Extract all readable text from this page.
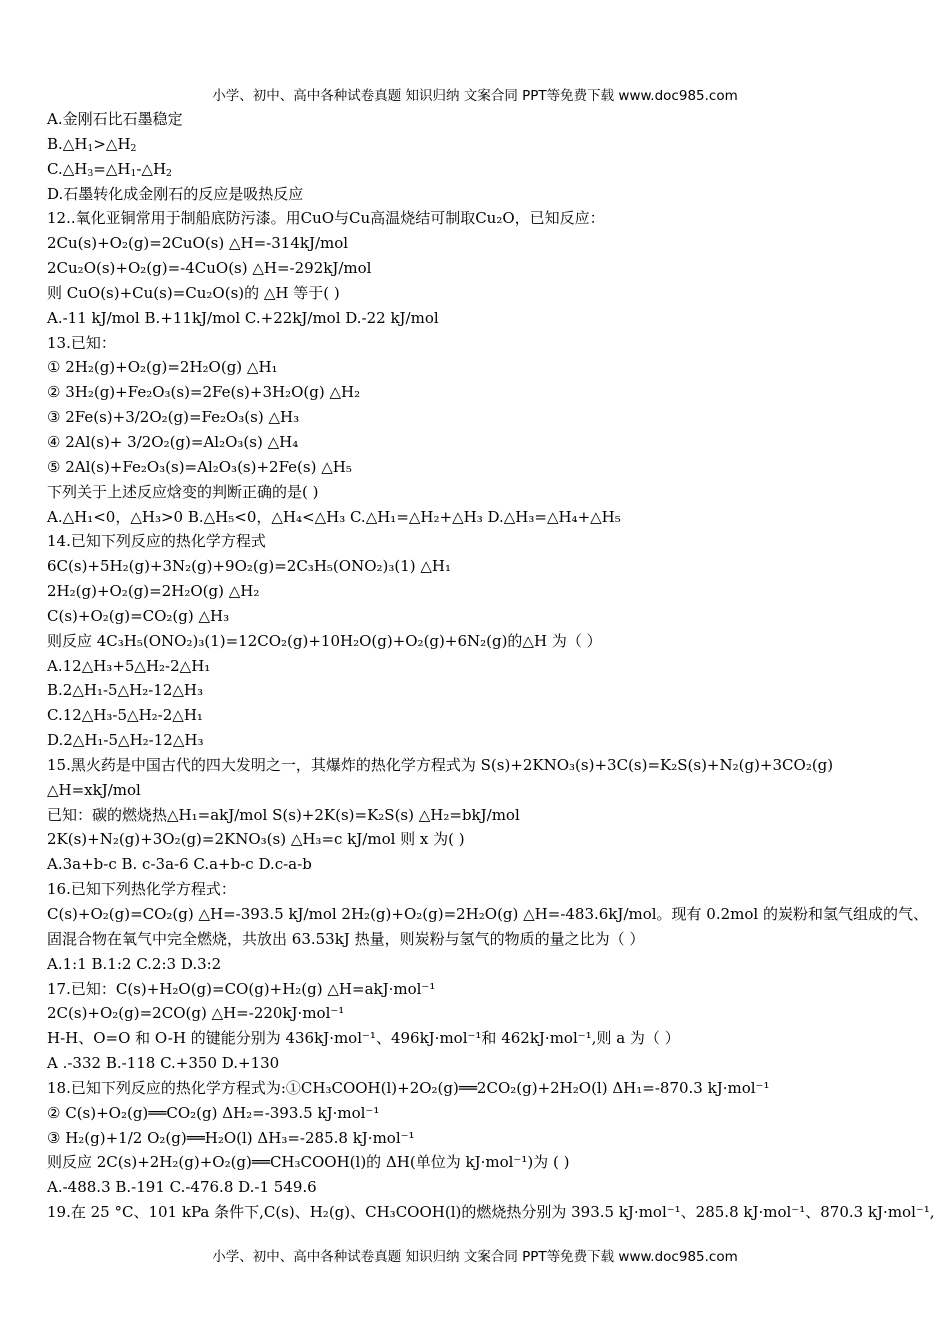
小学、初中、高中各种试卷真题 知识归纳 文案合同 PPT等免费下载 www.doc985.com
A.金刚石比石墨稳定
$B.\triangle H_1>\triangle H_2$
$C.\triangle H_3=\triangle H_1-\triangle H_2$
D.石墨转化成金刚石的反应是吸热反应
12..氧化亚铜常用于制船底防污漆。用CuO与Cu高温烧结可制取Cu₂O，已知反应：
2Cu(s)+O₂(g)=2CuO(s) △H=-314kJ/mol
2Cu₂O(s)+O₂(g)=-4CuO(s) △H=-292kJ/mol
则 CuO(s)+Cu(s)=Cu₂O(s)的 △H 等于( )
A.-11 kJ/mol B.+11kJ/mol C.+22kJ/mol D.-22 kJ/mol
13.已知：
① 2H₂(g)+O₂(g)=2H₂O(g) △H₁
② 3H₂(g)+Fe₂O₃(s)=2Fe(s)+3H₂O(g) △H₂
③ 2Fe(s)+3/2O₂(g)=Fe₂O₃(s) △H₃
④ 2Al(s)+ 3/2O₂(g)=Al₂O₃(s) △H₄
⑤ 2Al(s)+Fe₂O₃(s)=Al₂O₃(s)+2Fe(s) △H₅
下列关于上述反应焓变的判断正确的是( )
A.△H₁<0，△H₃>0 B.△H₅<0，△H₄<△H₃ C.△H₁=△H₂+△H₃ D.△H₃=△H₄+△H₅
14.已知下列反应的热化学方程式
6C(s)+5H₂(g)+3N₂(g)+9O₂(g)=2C₃H₅(ONO₂)₃(1) △H₁
2H₂(g)+O₂(g)=2H₂O(g) △H₂
C(s)+O₂(g)=CO₂(g) △H₃
则反应 4C₃H₅(ONO₂)₃(1)=12CO₂(g)+10H₂O(g)+O₂(g)+6N₂(g)的△H 为（ ）
A.12△H₃+5△H₂-2△H₁
B.2△H₁-5△H₂-12△H₃
C.12△H₃-5△H₂-2△H₁
D.2△H₁-5△H₂-12△H₃
15.黑火药是中国古代的四大发明之一，其爆炸的热化学方程式为 S(s)+2KNO₃(s)+3C(s)=K₂S(s)+N₂(g)+3CO₂(g)
△H=xkJ/mol
已知：碳的燃烧热△H₁=akJ/mol S(s)+2K(s)=K₂S(s) △H₂=bkJ/mol
2K(s)+N₂(g)+3O₂(g)=2KNO₃(s) △H₃=c kJ/mol 则 x 为( )
A.3a+b-c B. c-3a-6 C.a+b-c D.c-a-b
16.已知下列热化学方程式：
C(s)+O₂(g)=CO₂(g) △H=-393.5 kJ/mol 2H₂(g)+O₂(g)=2H₂O(g) △H=-483.6kJ/mol。现有 0.2mol 的炭粉和氢气组成的气、
固混合物在氧气中完全燃烧，共放出 63.53kJ 热量，则炭粉与氢气的物质的量之比为（ ）
A.1:1 B.1:2 C.2:3 D.3:2
17.已知：C(s)+H₂O(g)=CO(g)+H₂(g) △H=akJ·mol⁻¹
2C(s)+O₂(g)=2CO(g) △H=-220kJ·mol⁻¹
H-H、O=O 和 O-H 的键能分别为 436kJ·mol⁻¹、496kJ·mol⁻¹和 462kJ·mol⁻¹,则 a 为（ ）
A .-332 B.-118 C.+350 D.+130
18.已知下列反应的热化学方程式为:①CH₃COOH(l)+2O₂(g)══2CO₂(g)+2H₂O(l) ΔH₁=-870.3 kJ·mol⁻¹
② C(s)+O₂(g)══CO₂(g) ΔH₂=-393.5 kJ·mol⁻¹
③ H₂(g)+1/2 O₂(g)══H₂O(l) ΔH₃=-285.8 kJ·mol⁻¹
则反应 2C(s)+2H₂(g)+O₂(g)══CH₃COOH(l)的 ΔH(单位为 kJ·mol⁻¹)为 ( )
A.-488.3 B.-191 C.-476.8 D.-1 549.6
19.在 25 °C、101 kPa 条件下,C(s)、H₂(g)、CH₃COOH(l)的燃烧热分别为 393.5 kJ·mol⁻¹、285.8 kJ·mol⁻¹、870.3 kJ·mol⁻¹,
小学、初中、高中各种试卷真题 知识归纳 文案合同 PPT等免费下载 www.doc985.com
